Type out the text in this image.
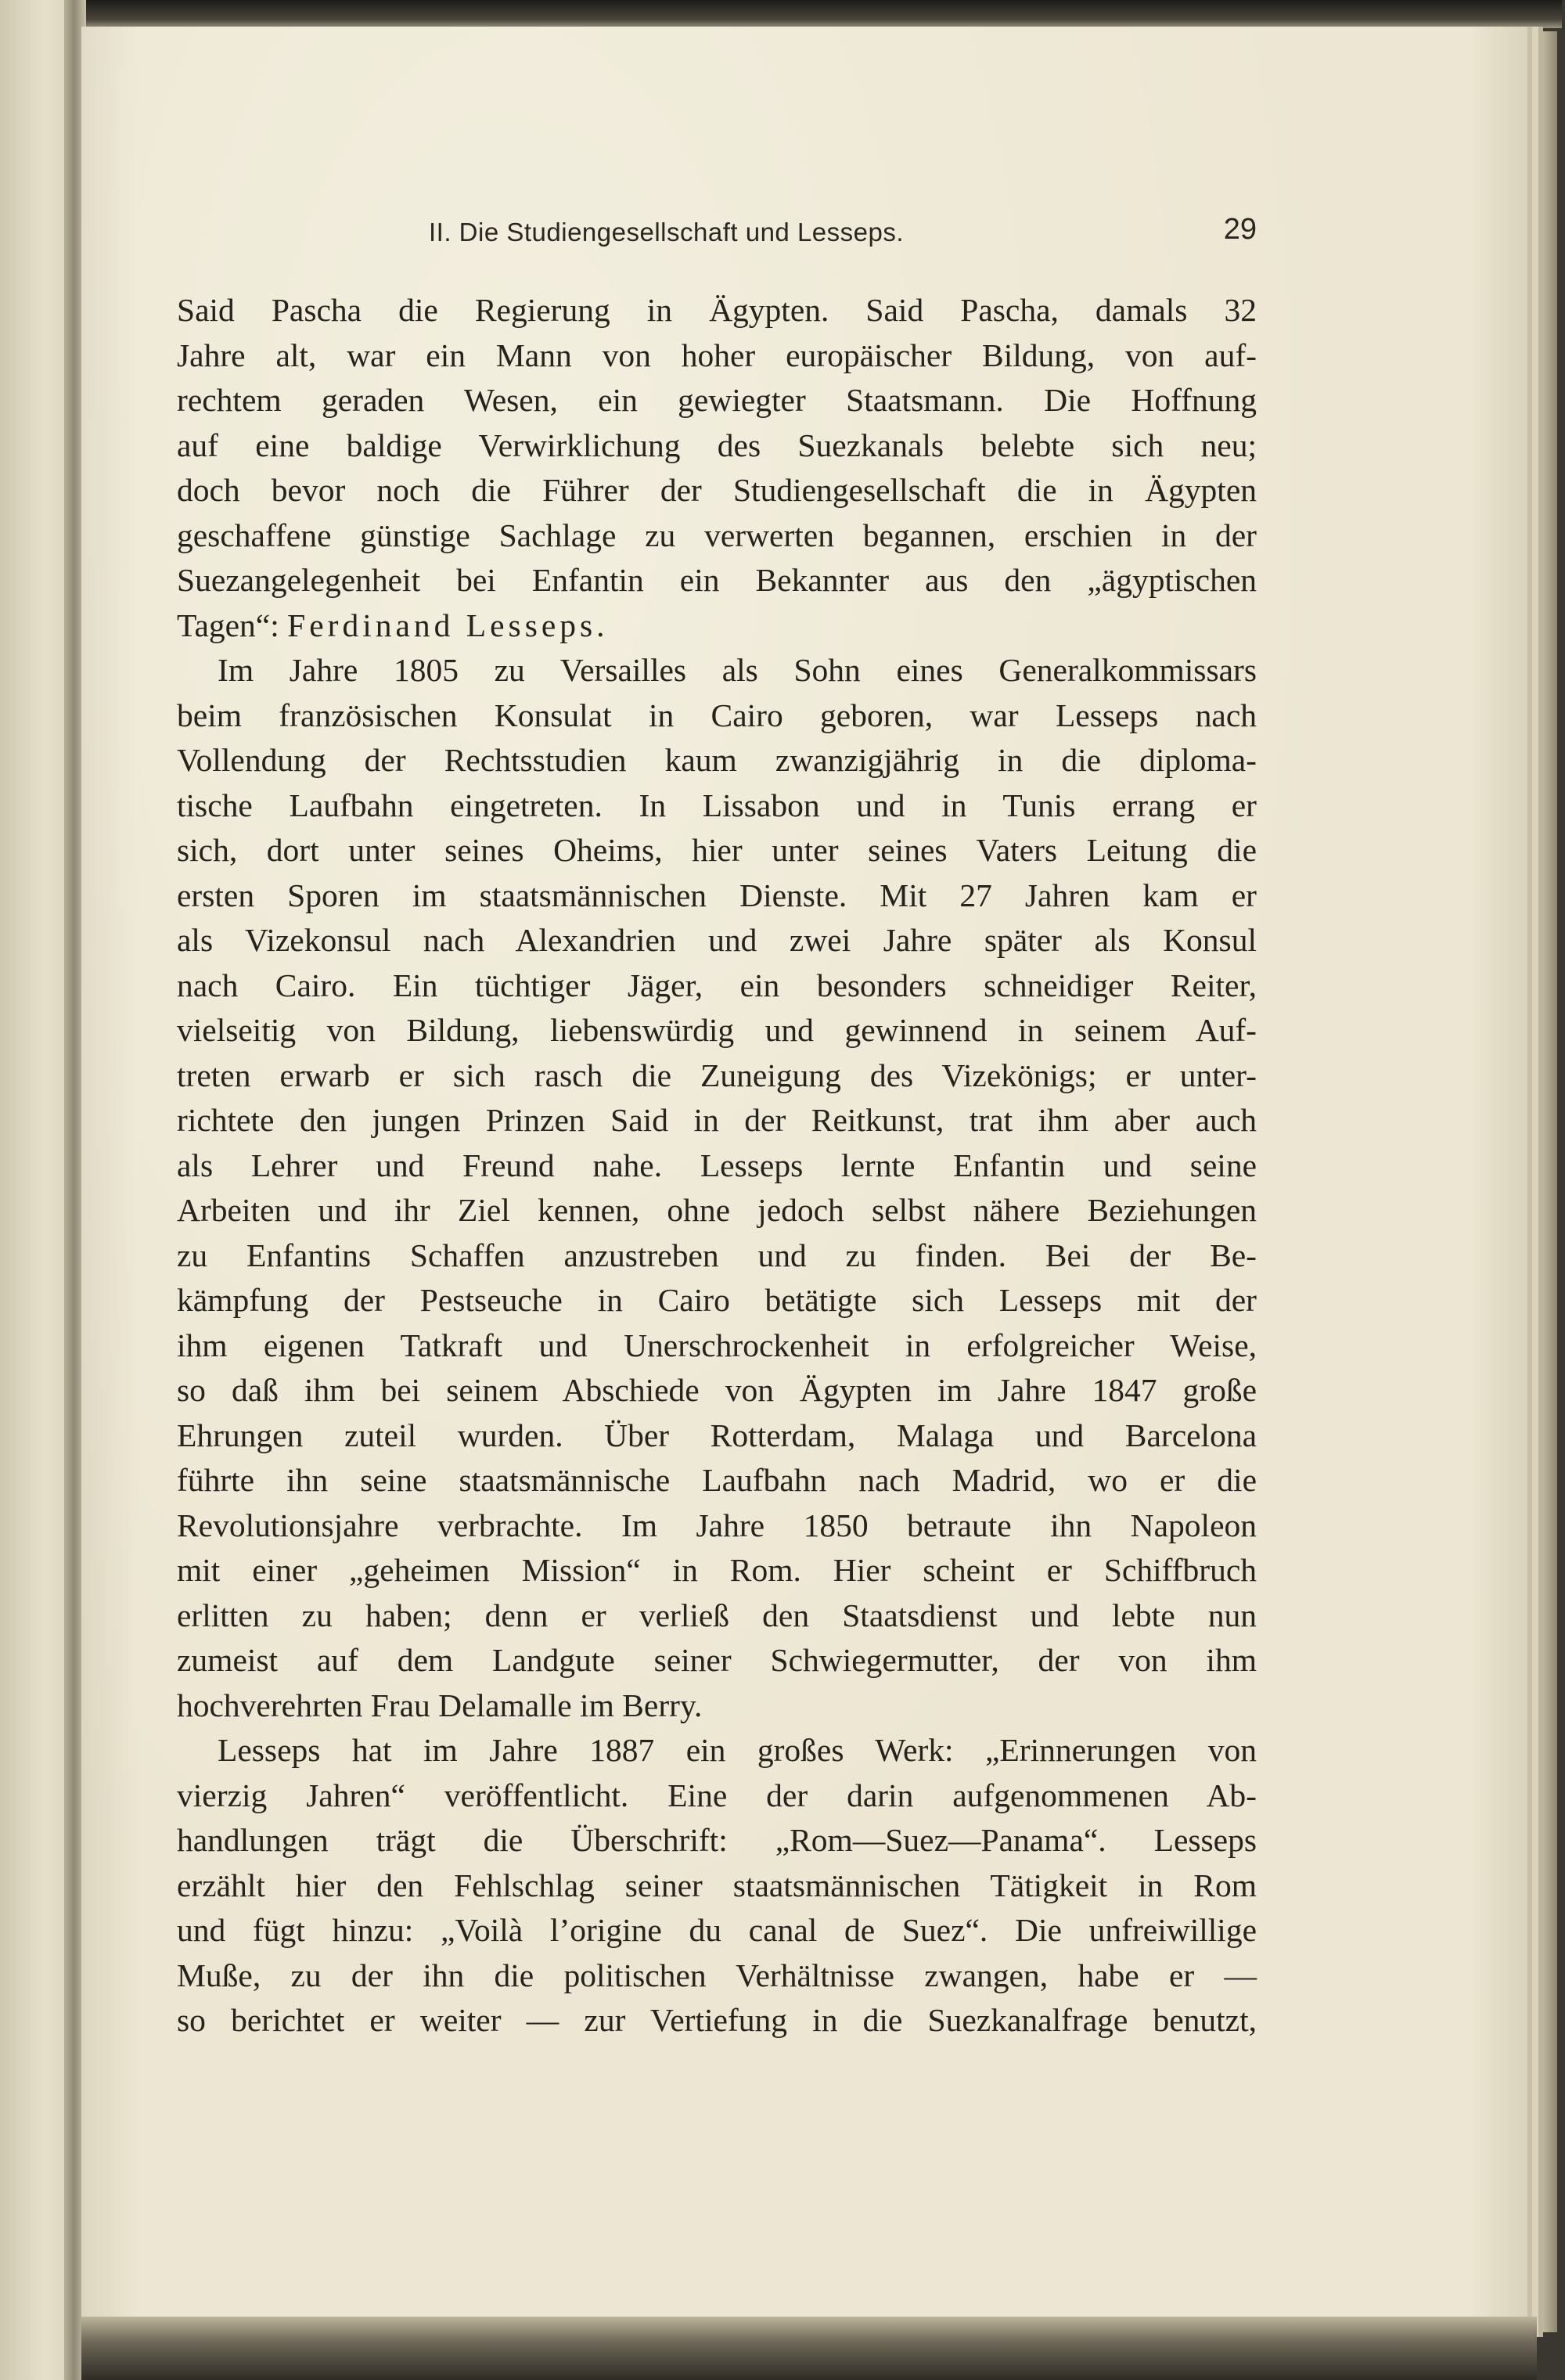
II. Die Studiengesellschaft und Lesseps.	29
Said Pascha die Regierung in Ägypten. Said Pascha, damals 32
Jahre alt, war ein Mann von hoher europäischer Bildung, von auf-
rechtem geraden Wesen, ein gewiegter Staatsmann. Die Hoffnung
auf eine baldige Verwirklichung des Suezkanals belebte sich neu;
doch bevor noch die Führer der Studiengesellschaft die in Ägypten
geschaffene günstige Sachlage zu verwerten begannen, erschien in der
Suezangelegenheit bei Enfantin ein Bekannter aus den „ägyptischen
Tagen“: Ferdinand Lesseps.
Im Jahre 1805 zu Versailles als Sohn eines Generalkommissars
beim französischen Konsulat in Cairo geboren, war Lesseps nach
Vollendung der Rechtsstudien kaum zwanzigjährig in die diploma-
tische Laufbahn eingetreten. In Lissabon und in Tunis errang er
sich, dort unter seines Oheims, hier unter seines Vaters Leitung die
ersten Sporen im staatsmännischen Dienste. Mit 27 Jahren kam er
als Vizekonsul nach Alexandrien und zwei Jahre später als Konsul
nach Cairo. Ein tüchtiger Jäger, ein besonders schneidiger Reiter,
vielseitig von Bildung, liebenswürdig und gewinnend in seinem Auf-
treten erwarb er sich rasch die Zuneigung des Vizekönigs; er unter-
richtete den jungen Prinzen Said in der Reitkunst, trat ihm aber auch
als Lehrer und Freund nahe. Lesseps lernte Enfantin und seine
Arbeiten und ihr Ziel kennen, ohne jedoch selbst nähere Beziehungen
zu Enfantins Schaffen anzustreben und zu finden. Bei der Be-
kämpfung der Pestseuche in Cairo betätigte sich Lesseps mit der
ihm eigenen Tatkraft und Unerschrockenheit in erfolgreicher Weise,
so daß ihm bei seinem Abschiede von Ägypten im Jahre 1847 große
Ehrungen zuteil wurden. Über Rotterdam, Malaga und Barcelona
führte ihn seine staatsmännische Laufbahn nach Madrid, wo er die
Revolutionsjahre verbrachte. Im Jahre 1850 betraute ihn Napoleon
mit einer „geheimen Mission“ in Rom. Hier scheint er Schiffbruch
erlitten zu haben; denn er verließ den Staatsdienst und lebte nun
zumeist auf dem Landgute seiner Schwiegermutter, der von ihm
hochverehrten Frau Delamalle im Berry.
Lesseps hat im Jahre 1887 ein großes Werk: „Erinnerungen von
vierzig Jahren“ veröffentlicht. Eine der darin aufgenommenen Ab-
handlungen trägt die Überschrift: „Rom—Suez—Panama“. Lesseps
erzählt hier den Fehlschlag seiner staatsmännischen Tätigkeit in Rom
und fügt hinzu: „Voilà l’origine du canal de Suez“. Die unfreiwillige
Muße, zu der ihn die politischen Verhältnisse zwangen, habe er —
so berichtet er weiter — zur Vertiefung in die Suezkanalfrage benutzt,
